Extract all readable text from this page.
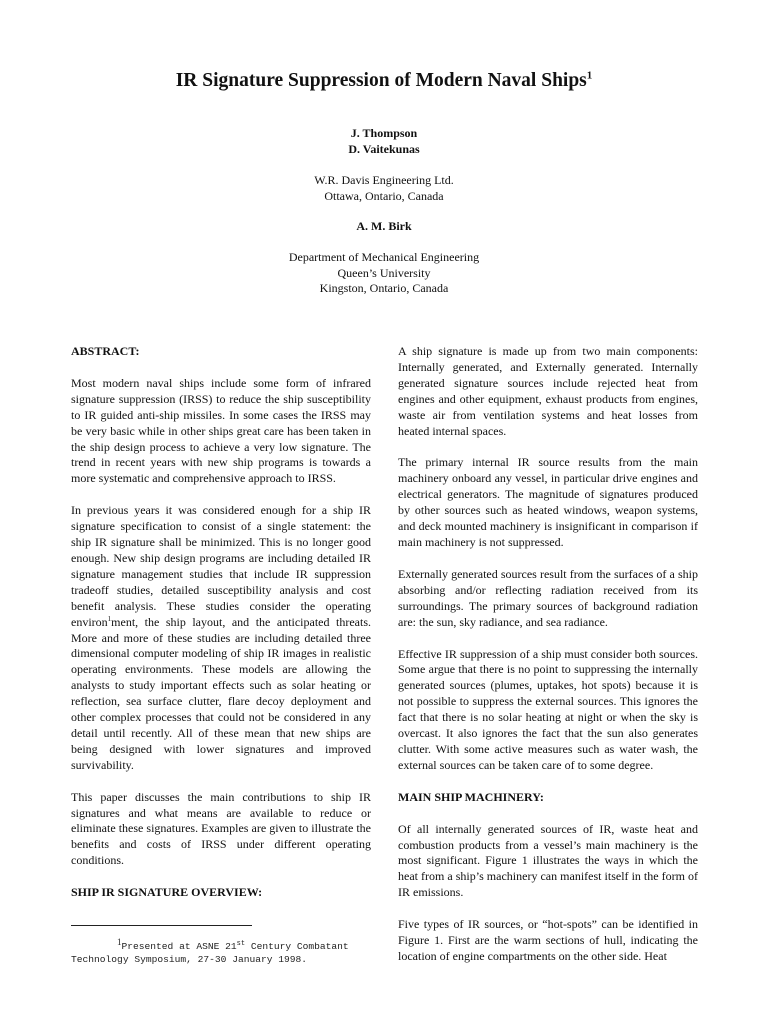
IR Signature Suppression of Modern Naval Ships$^1$
J. Thompson
D. Vaitekunas
W.R. Davis Engineering Ltd.
Ottawa, Ontario, Canada
A. M. Birk
Department of Mechanical Engineering
Queen’s University
Kingston, Ontario, Canada
ABSTRACT:

Most modern naval ships include some form of infrared signature suppression (IRSS) to reduce the ship susceptibility to IR guided anti-ship missiles. In some cases the IRSS may be very basic while in other ships great care has been taken in the ship design process to achieve a very low signature. The trend in recent years with new ship programs is towards a more systematic and comprehensive approach to IRSS.

In previous years it was considered enough for a ship IR signature specification to consist of a single statement: the ship IR signature shall be minimized. This is no longer good enough. New ship design programs are including detailed IR signature management studies that include IR suppression tradeoff studies, detailed susceptibility analysis and cost benefit analysis. These studies consider the operating environ$^1$ment, the ship layout, and the anticipated threats. More and more of these studies are including detailed three dimensional computer modeling of ship IR images in realistic operating environments. These models are allowing the analysts to study important effects such as solar heating or reflection, sea surface clutter, flare decoy deployment and other complex processes that could not be considered in any detail until recently. All of these mean that new ships are being designed with lower signatures and improved survivability.

This paper discusses the main contributions to ship IR signatures and what means are available to reduce or eliminate these signatures. Examples are given to illustrate the benefits and costs of IRSS under different operating conditions.

SHIP IR SIGNATURE OVERVIEW:
1Presented at ASNE 21st Century Combatant
Technology Symposium, 27-30 January 1998.

A ship signature is made up from two main components: Internally generated, and Externally generated. Internally generated signature sources include rejected heat from engines and other equipment, exhaust products from engines, waste air from ventilation systems and heat losses from heated internal spaces.

The primary internal IR source results from the main machinery onboard any vessel, in particular drive engines and electrical generators. The magnitude of signatures produced by other sources such as heated windows, weapon systems, and deck mounted machinery is insignificant in comparison if main machinery is not suppressed.

Externally generated sources result from the surfaces of a ship absorbing and/or reflecting radiation received from its surroundings. The primary sources of background radiation are: the sun, sky radiance, and sea radiance.

Effective IR suppression of a ship must consider both sources. Some argue that there is no point to suppressing the internally generated sources (plumes, uptakes, hot spots) because it is not possible to suppress the external sources. This ignores the fact that there is no solar heating at night or when the sky is overcast. It also ignores the fact that the sun also generates clutter. With some active measures such as water wash, the external sources can be taken care of to some degree.

MAIN SHIP MACHINERY:

Of all internally generated sources of IR, waste heat and combustion products from a vessel’s main machinery is the most significant. Figure 1 illustrates the ways in which the heat from a ship’s machinery can manifest itself in the form of IR emissions.

Five types of IR sources, or “hot-spots” can be identified in Figure 1. First are the warm sections of hull, indicating the location of engine compartments on the other side. Heat
